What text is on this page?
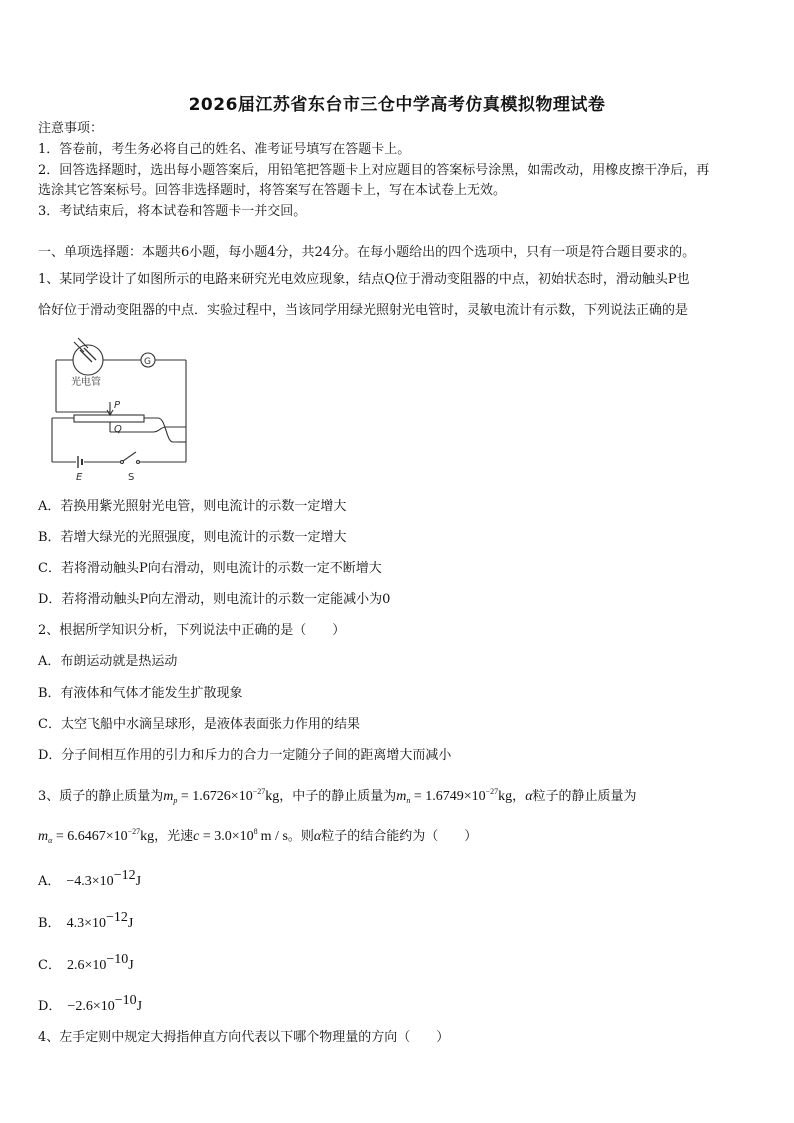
2026届江苏省东台市三仓中学高考仿真模拟物理试卷
注意事项：
1．答卷前，考生务必将自己的姓名、准考证号填写在答题卡上。
2．回答选择题时，选出每小题答案后，用铅笔把答题卡上对应题目的答案标号涂黑，如需改动，用橡皮擦干净后，再
选涂其它答案标号。回答非选择题时，将答案写在答题卡上，写在本试卷上无效。
3．考试结束后，将本试卷和答题卡一并交回。
一、单项选择题：本题共6小题，每小题4分，共24分。在每小题给出的四个选项中，只有一项是符合题目要求的。
1、某同学设计了如图所示的电路来研究光电效应现象，结点Q位于滑动变阻器的中点，初始状态时，滑动触头P也
恰好位于滑动变阻器的中点．实验过程中，当该同学用绿光照射光电管时，灵敏电流计有示数，下列说法正确的是
光电管
G
P
Q
E	S
A．若换用紫光照射光电管，则电流计的示数一定增大
B．若增大绿光的光照强度，则电流计的示数一定增大
C．若将滑动触头P向右滑动，则电流计的示数一定不断增大
D．若将滑动触头P向左滑动，则电流计的示数一定能减小为0
2、根据所学知识分析，下列说法中正确的是（　　）
A．布朗运动就是热运动
B．有液体和气体才能发生扩散现象
C．太空飞船中水滴呈球形，是液体表面张力作用的结果
D．分子间相互作用的引力和斥力的合力一定随分子间的距离增大而减小
3、质子的静止质量为$m_p = 1.6726\times 10^{-27}kg$，中子的静止质量为$m_n = 1.6749\times 10^{-27}kg$，α粒子的静止质量为
$m_\alpha = 6.6467\times 10^{-27}kg$，光速$c = 3.0\times 10^8$ m / s。则α粒子的结合能约为（　　）
A． −4.3×10−12J
B． 4.3×10−12J
C． 2.6×10−10J
D． −2.6×10−10J
4、左手定则中规定大拇指伸直方向代表以下哪个物理量的方向（　　）
